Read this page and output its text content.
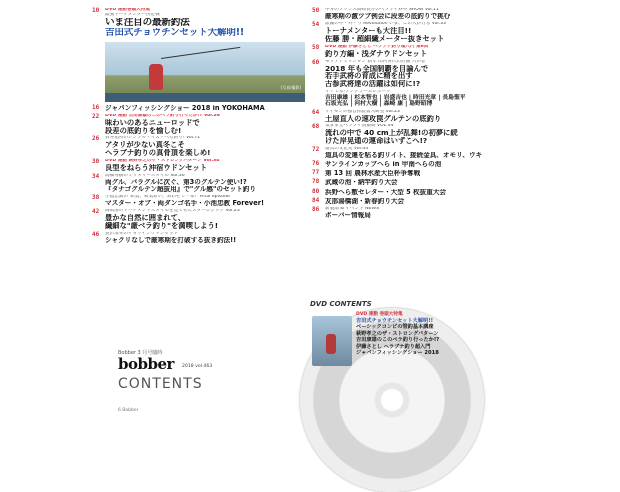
10	DVD 連動巻頭大特集
最強トーナメンター決定戦
いま注目の最新釣法
吉田式チョウチンセット大解明!!
(写真/撮影)
16 ジャパンフィッシングショー 2018 in YOKOHAMA
22	DVD 連動 吉田康雄のこのペラ釣り行ったか!? Vol.26
味わいのあるニューロッドで
段差の底釣りを愉しむ!
26	石井旭舟のシンプル・イズ・へら釣り! Vol.71
アタリが少ない真冬こそ
ヘラブナ釣りの真骨頂を楽しめ!
30	DVD 連動 萩野孝之のザ・ストロングパターン Vol.34
良型をねらう沖宿ウドンセット
34	高橋秀樹のミリタリースタイル Vol.36
両グル、バラグルに次ぐ、第3のグルテン使い!?
『タナゴグルテン超抜用』で"グル感"のセット釣り
38	小池忠教の"和気、和気あい、あわせて一本!" Final episode
マスター・オブ・両ダンゴ名手・小池忠教 Forever!
42	岡田清のトーナメントスタイルを見てもんスターロジック Vol.23
豊かな自然に囲まれて、
繊細な"厳ベラ釣り"を満喫しよう!
46	長沢清幸のチョウチンウドンセット
シャクリなしで厳寒期を打破する抜き釣法!!
50	中井のプリンス高崎長介のヘラブナ界中 SHOW Vol.11
厳寒期の激ツブ例会に段差の底釣りで挑む
54	派閥の中・外・う Revolution いま、この人が行る Vol.33
トーナメンターも大注目!!
佐藤 勝・超細繊メーター抜きセット
58	DVD 連動 伊藤さとし ヘラブナ釣り超入門 第6回
釣り方編・浅ダナウドンセット
60	モリアゲミッション 新年 山村喜代の計画 六の巻
2018 年も全国制覇を目論んで
若手武将の育成に精を出す
古参武将達の活躍は如何に!?
イケてる!アングラーズレポート
吉田康雄 | 杉本智也 | 岩盛吉也 | 時田光章 | 長島聖平
石坂光弘 | 河村大樹 | 森崎 康 | 島野昭博
64	サイモンの独自拝読書入研室 vol.23
土屋直人の速攻罠グルテンの底釣り
68	気まま全ヘラブナ情報局 VOL.44
流れの中で 40 cm上が乱舞!の初夢に続
けた岸晃通の運命はいずこへ!?
72	道具の文化史 vol.44
道具の変遷を粘る釣リイト、接続金具、オモリ、ウキ
76 サンラインカップへら in 甲南へらの池
77 第 13 回 農林水産大臣杯争奪戦
78 武蔵の池・納竿釣り大会
80 浜野へら敷セレター・大型 5 枚抜重大会
84 友部湯橋湖・新春釣り大会
86	新製品 & イベント NEWS
ボーバー情報局
Bobber 3 月号臨時
bobber 2018 vol.463
CONTENTS
6 Bobber
DVD CONTENTS
DVD 連動 巻頭大特集
吉田式チョウチンセット大解明!!
ベーシックコンビの管釣基本講座
萩野孝之のザ・ストロングパターン
吉田康雄のこのペラ釣り行ったか!?
伊藤さとし ヘラブナ釣り超入門
ジャパンフィッシングショー 2018
